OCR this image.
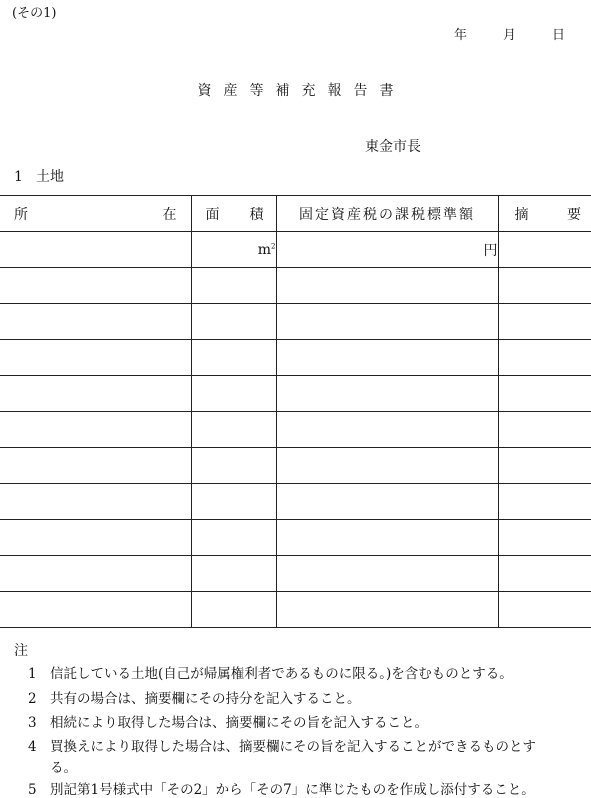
(その1)
年	月	日
資産等補充報告書
東金市長
1 土地
所 在	面 積	固定資産税の課税標準額	摘 要

	$m^2$	円	

注
1 信託している土地(自己が帰属権利者であるものに限る。)を含むものとする。
2 共有の場合は、摘要欄にその持分を記入すること。
3 相続により取得した場合は、摘要欄にその旨を記入すること。
4 買換えにより取得した場合は、摘要欄にその旨を記入することができるものとす
る。
5 別記第1号様式中「その2」から「その7」に準じたものを作成し添付すること。
